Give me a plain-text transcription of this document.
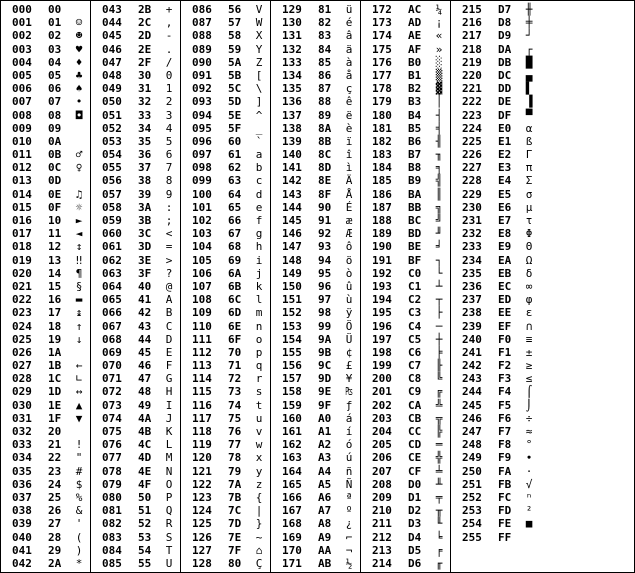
000	00
001	01	☺
002	02	☻
003	03	♥
004	04	♦
005	05	♣
006	06	♠
007	07	•
008	08	◘
009	09
010	0A
011	0B	♂
012	0C	♀
013	0D
014	0E	♫
015	0F	☼
016	10	►
017	11	◄
018	12	↕
019	13	‼
020	14	¶
021	15	§
022	16	▬
023	17	↨
024	18	↑
025	19	↓
026	1A
027	1B	←
028	1C	∟
029	1D	↔
030	1E	▲
031	1F	▼
032	20
033	21	!
034	22	"
035	23	#
036	24	$
037	25	%
038	26	&
039	27	'
040	28	(
041	29	)
042	2A	*
043	2B	+
044	2C	,
045	2D	-
046	2E	.
047	2F	/
048	30	0
049	31	1
050	32	2
051	33	3
052	34	4
053	35	5
054	36	6
055	37	7
056	38	8
057	39	9
058	3A	:
059	3B	;
060	3C	<
061	3D	=
062	3E	>
063	3F	?
064	40	@
065	41	A
066	42	B
067	43	C
068	44	D
069	45	E
070	46	F
071	47	G
072	48	H
073	49	I
074	4A	J
075	4B	K
076	4C	L
077	4D	M
078	4E	N
079	4F	O
080	50	P
081	51	Q
082	52	R
083	53	S
084	54	T
085	55	U
086	56	V
087	57	W
088	58	X
089	59	Y
090	5A	Z
091	5B	[
092	5C	\
093	5D	]
094	5E	^
095	5F	_
096	60	`
097	61	a
098	62	b
099	63	c
100	64	d
101	65	e
102	66	f
103	67	g
104	68	h
105	69	i
106	6A	j
107	6B	k
108	6C	l
109	6D	m
110	6E	n
111	6F	o
112	70	p
113	71	q
114	72	r
115	73	s
116	74	t
117	75	u
118	76	v
119	77	w
120	78	x
121	79	y
122	7A	z
123	7B	{
124	7C	|
125	7D	}
126	7E	~
127	7F	⌂
128	80	Ç
129	81	ü
130	82	é
131	83	â
132	84	ä
133	85	à
134	86	å
135	87	ç
136	88	ê
137	89	ë
138	8A	è
139	8B	ï
140	8C	î
141	8D	ì
142	8E	Ä
143	8F	Å
144	90	É
145	91	æ
146	92	Æ
147	93	ô
148	94	ö
149	95	ò
150	96	û
151	97	ù
152	98	ÿ
153	99	Ö
154	9A	Ü
155	9B	¢
156	9C	£
157	9D	¥
158	9E	₧
159	9F	ƒ
160	A0	á
161	A1	í
162	A2	ó
163	A3	ú
164	A4	ñ
165	A5	Ñ
166	A6	ª
167	A7	º
168	A8	¿
169	A9	⌐
170	AA	¬
171	AB	½
172	AC	¼
173	AD	¡
174	AE	«
175	AF	»
176	B0	░
177	B1	▒
178	B2	▓
179	B3	│
180	B4	┤
181	B5	╡
182	B6	╢
183	B7	╖
184	B8	╕
185	B9	╣
186	BA	║
187	BB	╗
188	BC	╝
189	BD	╜
190	BE	╛
191	BF	┐
192	C0	└
193	C1	┴
194	C2	┬
195	C3	├
196	C4	─
197	C5	┼
198	C6	╞
199	C7	╟
200	C8	╚
201	C9	╔
202	CA	╩
203	CB	╦
204	CC	╠
205	CD	═
206	CE	╬
207	CF	╧
208	D0	╨
209	D1	╤
210	D2	╥
211	D3	╙
212	D4	╘
213	D5	╒
214	D6	╓
215	D7	╫
216	D8	╪
217	D9	┘
218	DA	┌
219	DB	█
220	DC	▄
221	DD	▌
222	DE	▐
223	DF	▀
224	E0	α
225	E1	ß
226	E2	Γ
227	E3	π
228	E4	Σ
229	E5	σ
230	E6	µ
231	E7	τ
232	E8	Φ
233	E9	Θ
234	EA	Ω
235	EB	δ
236	EC	∞
237	ED	φ
238	EE	ε
239	EF	∩
240	F0	≡
241	F1	±
242	F2	≥
243	F3	≤
244	F4	⌠
245	F5	⌡
246	F6	÷
247	F7	≈
248	F8	°
249	F9	∙
250	FA	·
251	FB	√
252	FC	ⁿ
253	FD	²
254	FE	■
255	FF
